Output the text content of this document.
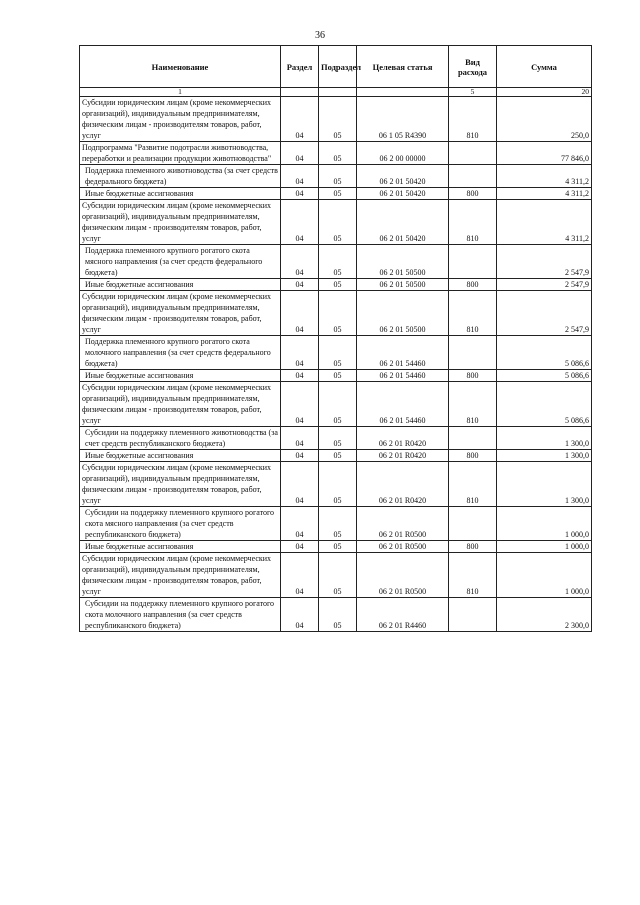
36
Наименование	Раздел	Подраздел	Целевая статья	Вид расхода	Сумма
1				5	20
Субсидии юридическим лицам (кроме некоммерческих организаций), индивидуальным предпринимателям, физическим лицам - производителям товаров, работ, услуг	04	05	06 1 05 R4390	810	250,0
Подпрограмма "Развитие подотрасли животноводства, переработки и реализации продукции животноводства"	04	05	06 2 00 00000		77 846,0
Поддержка племенного животноводства (за счет средств федерального бюджета)	04	05	06 2 01 50420		4 311,2
Иные бюджетные ассигнования	04	05	06 2 01 50420	800	4 311,2
Субсидии юридическим лицам (кроме некоммерческих организаций), индивидуальным предпринимателям, физическим лицам - производителям товаров, работ, услуг	04	05	06 2 01 50420	810	4 311,2
Поддержка племенного крупного рогатого скота мясного направления (за счет средств федерального бюджета)	04	05	06 2 01 50500		2 547,9
Иные бюджетные ассигнования	04	05	06 2 01 50500	800	2 547,9
Субсидии юридическим лицам (кроме некоммерческих организаций), индивидуальным предпринимателям, физическим лицам - производителям товаров, работ, услуг	04	05	06 2 01 50500	810	2 547,9
Поддержка племенного крупного рогатого скота молочного направления (за счет средств федерального бюджета)	04	05	06 2 01 54460		5 086,6
Иные бюджетные ассигнования	04	05	06 2 01 54460	800	5 086,6
Субсидии юридическим лицам (кроме некоммерческих организаций), индивидуальным предпринимателям, физическим лицам - производителям товаров, работ, услуг	04	05	06 2 01 54460	810	5 086,6
Субсидии на поддержку племенного животноводства (за счет средств республиканского бюджета)	04	05	06 2 01 R0420		1 300,0
Иные бюджетные ассигнования	04	05	06 2 01 R0420	800	1 300,0
Субсидии юридическим лицам (кроме некоммерческих организаций), индивидуальным предпринимателям, физическим лицам - производителям товаров, работ, услуг	04	05	06 2 01 R0420	810	1 300,0
Субсидии на поддержку племенного крупного рогатого скота мясного направления (за счет средств республиканского бюджета)	04	05	06 2 01 R0500		1 000,0
Иные бюджетные ассигнования	04	05	06 2 01 R0500	800	1 000,0
Субсидии юридическим лицам (кроме некоммерческих организаций), индивидуальным предпринимателям, физическим лицам - производителям товаров, работ, услуг	04	05	06 2 01 R0500	810	1 000,0
Субсидии на поддержку племенного крупного рогатого скота молочного направления (за счет средств республиканского бюджета)	04	05	06 2 01 R4460		2 300,0
